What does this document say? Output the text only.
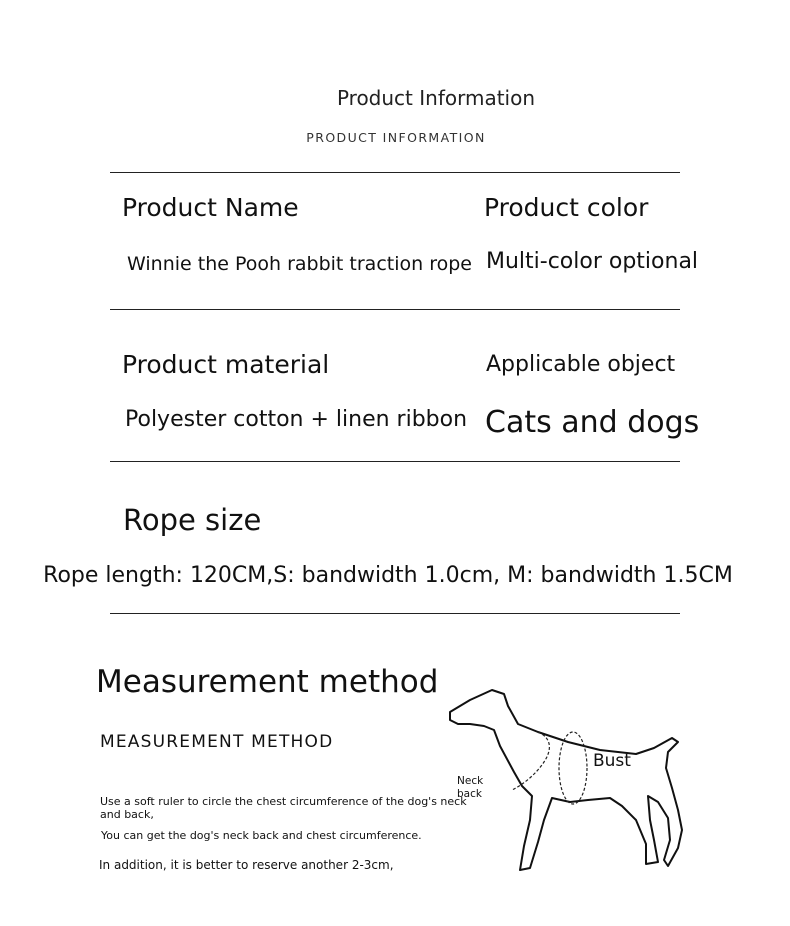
Product Information
PRODUCT INFORMATION
Product Name	Product color
Winnie the Pooh rabbit traction rope Multi-color optional
Product material	Applicable object
Polyester cotton + linen ribbon Cats and dogs
Rope size
Rope length: 120CM,S: bandwidth 1.0cm, M: bandwidth 1.5CM
Measurement method
MEASUREMENT METHOD
Use a soft ruler to circle the chest circumference of the dog's neck and back,
You can get the dog's neck back and chest circumference.
In addition, it is better to reserve another 2-3cm,
Bust
Neck
back
